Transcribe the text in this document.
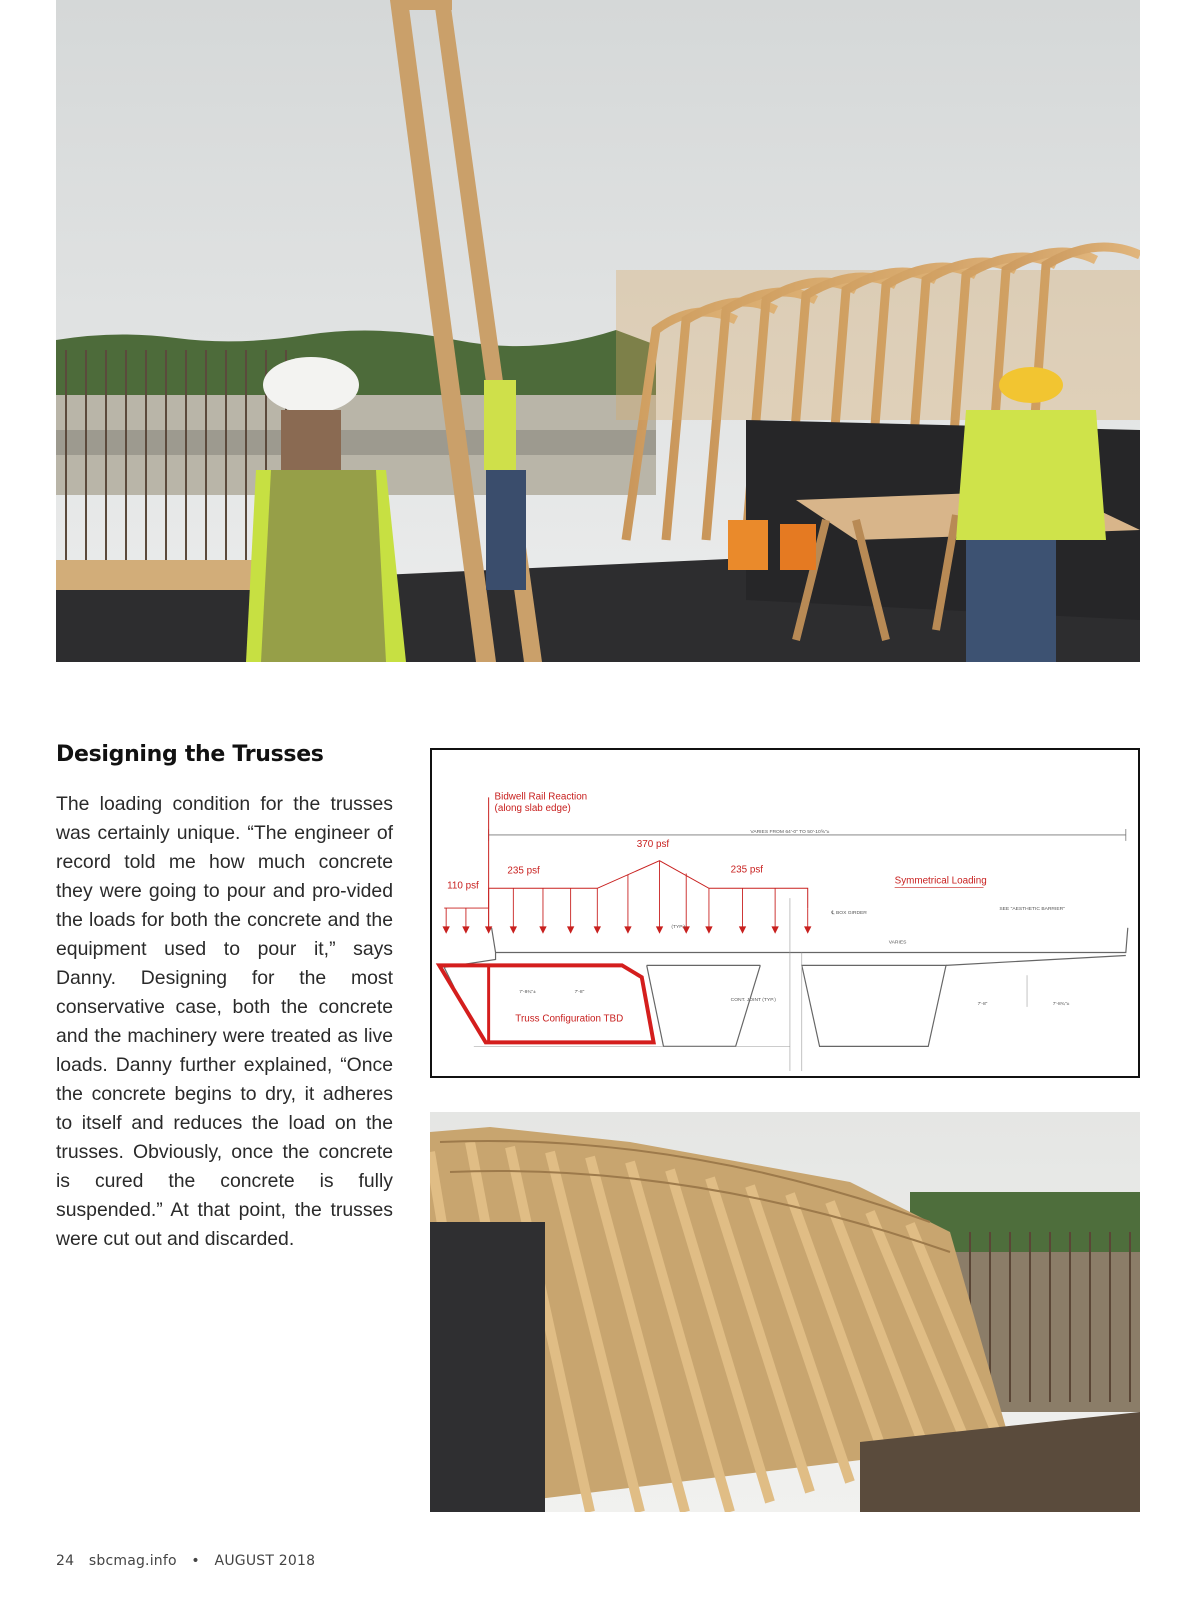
Designing the Trusses

The loading condition for the trusses was certainly unique. “The engineer of record told me how much concrete they were going to pour and pro-vided the loads for both the concrete and the equipment used to pour it,” says Danny. Designing for the most conservative case, both the concrete and the machinery were treated as live loads. Danny further explained, “Once the concrete begins to dry, it adheres to itself and reduces the load on the trusses. Obviously, once the concrete is cured the concrete is fully suspended.” At that point, the trusses were cut out and discarded.

VARIES FROM 64'-0" TO 50'-10⅝"±
℄ BOX GIRDER
SEE "AESTHETIC BARRIER"
VARIES
(TYP.)
CONT. JOINT (TYP.)
7'-8¾"±	7'-8"
7'-8"	7'-8¾"±
Bidwell Rail Reaction
(along slab edge)
110 psf
235 psf
370 psf
235 psf
Symmetrical Loading
Truss Configuration TBD

24 sbcmag.info • AUGUST 2018
